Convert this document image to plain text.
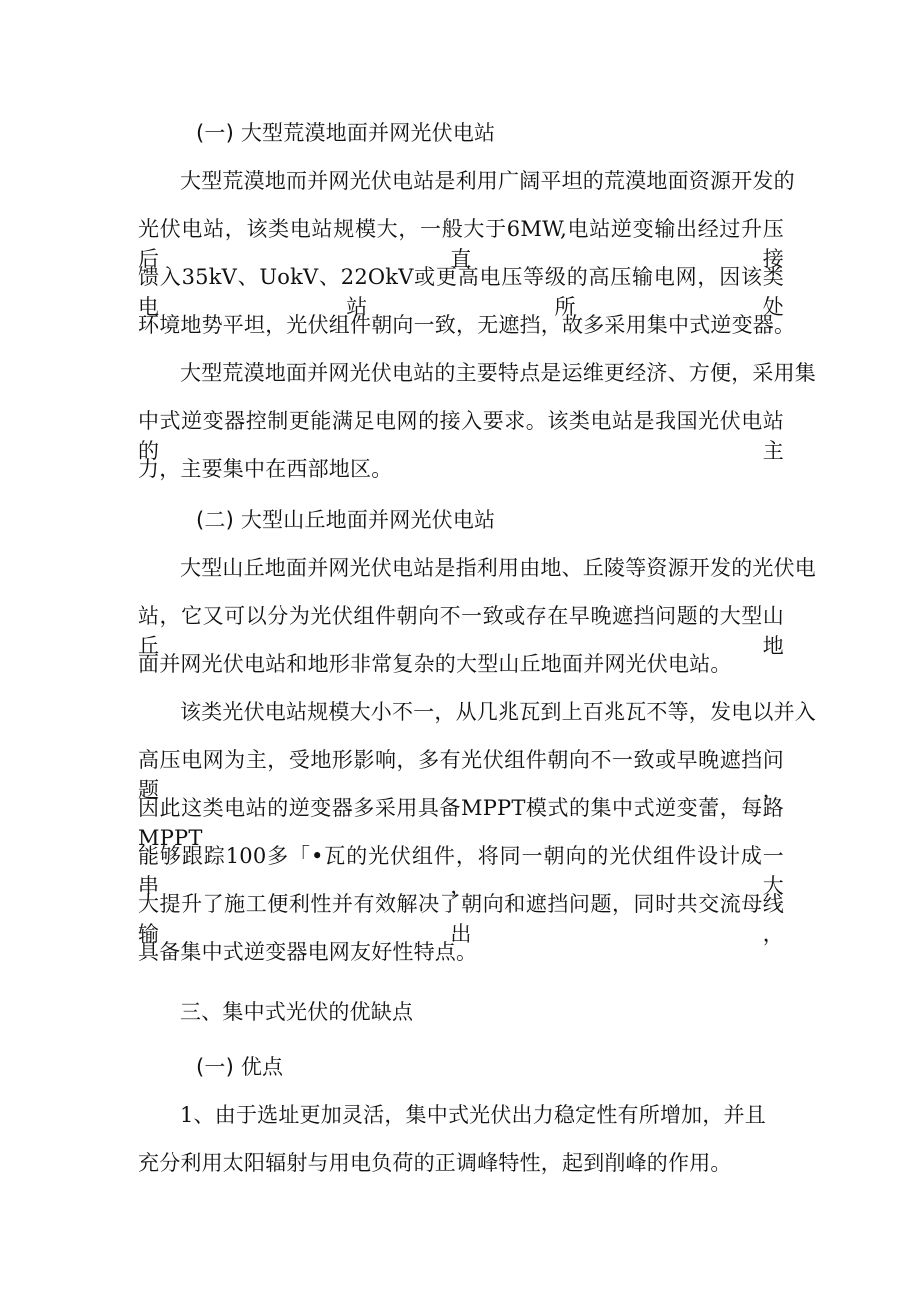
(一) 大型荒漠地面并网光伏电站
大型荒漠地而并网光伏电站是利用广阔平坦的荒漠地面资源开发的
光伏电站，该类电站规模大，一般大于6MW,电站逆变输出经过升压后直接
馈入35kV、UokV、22OkV或更高电压等级的高压输电网，因该类电站所处
环境地势平坦，光伏组件朝向一致，无遮挡，故多采用集中式逆变器。
大型荒漠地面并网光伏电站的主要特点是运维更经济、方便，采用集
中式逆变器控制更能满足电网的接入要求。该类电站是我国光伏电站的主
力，主要集中在西部地区。
(二) 大型山丘地面并网光伏电站
大型山丘地面并网光伏电站是指利用由地、丘陵等资源开发的光伏电
站，它又可以分为光伏组件朝向不一致或存在早晚遮挡问题的大型山丘地
面并网光伏电站和地形非常复杂的大型山丘地面并网光伏电站。
该类光伏电站规模大小不一，从几兆瓦到上百兆瓦不等，发电以并入
高压电网为主，受地形影响，多有光伏组件朝向不一致或早晚遮挡问题，
因此这类电站的逆变器多采用具备MPPT模式的集中式逆变蕾，每路MPPT
能够跟踪100多「•瓦的光伏组件，将同一朝向的光伏组件设计成一串，大
大提升了施工便利性并有效解决了朝向和遮挡问题，同时共交流母线输出，
具备集中式逆变器电网友好性特点。
三、集中式光伏的优缺点
(一) 优点
1、由于选址更加灵活，集中式光伏出力稳定性有所增加，并且
充分利用太阳辐射与用电负荷的正调峰特性，起到削峰的作用。
